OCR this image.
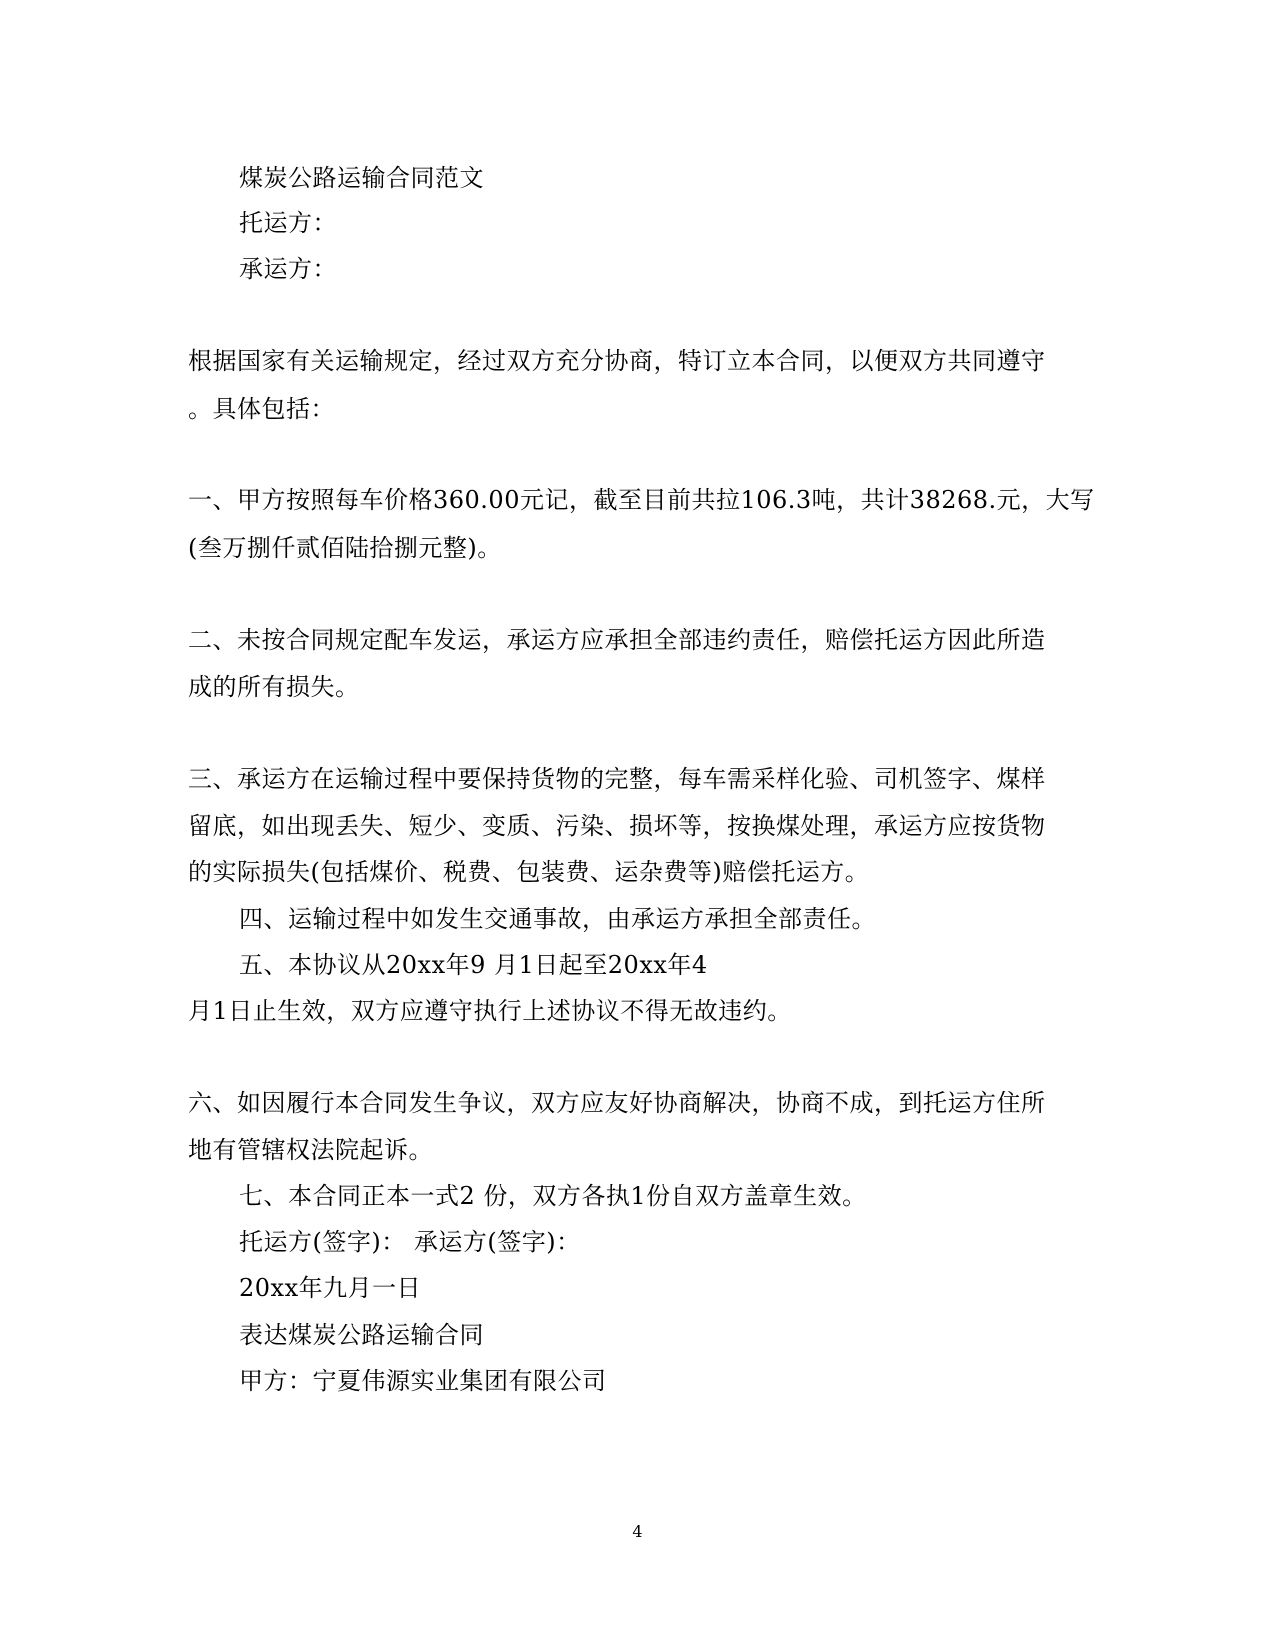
煤炭公路运输合同范文
托运方：
承运方：
根据国家有关运输规定，经过双方充分协商，特订立本合同，以便双方共同遵守
。具体包括：
一、甲方按照每车价格360.00元记，截至目前共拉106.3吨，共计38268.元，大写
(叁万捌仟贰佰陆拾捌元整)。
二、未按合同规定配车发运，承运方应承担全部违约责任，赔偿托运方因此所造
成的所有损失。
三、承运方在运输过程中要保持货物的完整，每车需采样化验、司机签字、煤样
留底，如出现丢失、短少、变质、污染、损坏等，按换煤处理，承运方应按货物
的实际损失(包括煤价、税费、包装费、运杂费等)赔偿托运方。
四、运输过程中如发生交通事故，由承运方承担全部责任。
五、本协议从20xx年9 月1日起至20xx年4
月1日止生效，双方应遵守执行上述协议不得无故违约。
六、如因履行本合同发生争议，双方应友好协商解决，协商不成，到托运方住所
地有管辖权法院起诉。
七、本合同正本一式2 份，双方各执1份自双方盖章生效。
托运方(签字)： 承运方(签字)：
20xx年九月一日
表达煤炭公路运输合同
甲方：宁夏伟源实业集团有限公司
4
